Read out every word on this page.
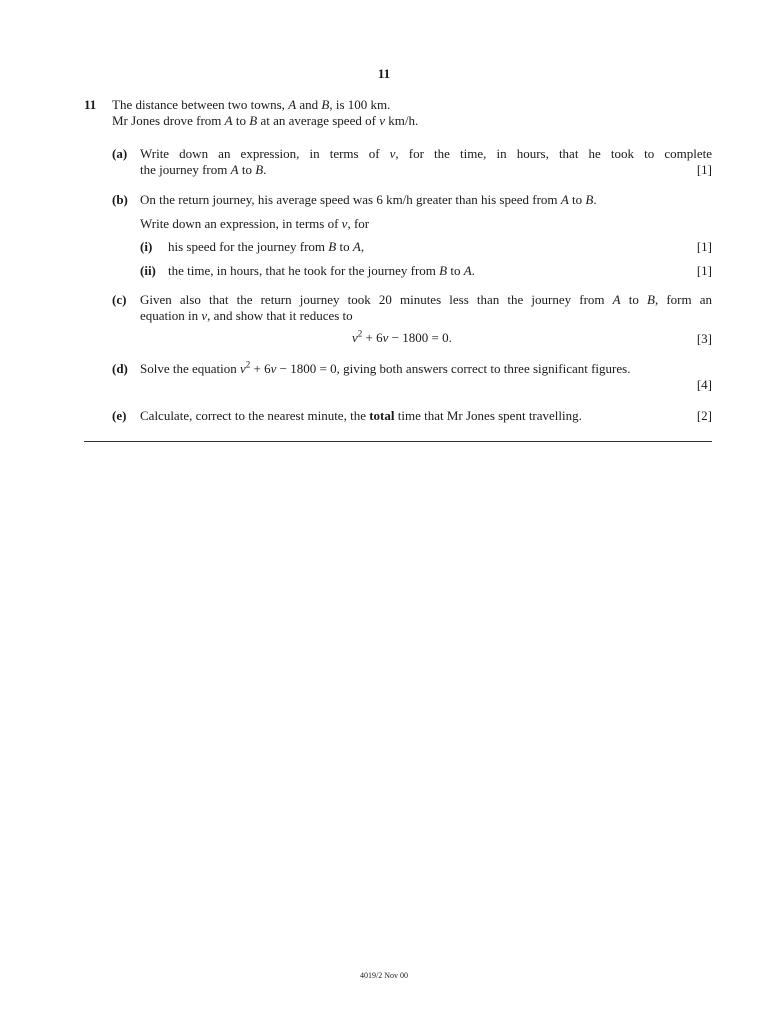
11
11 The distance between two towns, A and B, is 100 km.
Mr Jones drove from A to B at an average speed of v km/h.
(a) Write down an expression, in terms of v, for the time, in hours, that he took to complete
the journey from A to B.	[1]
(b) On the return journey, his average speed was 6 km/h greater than his speed from A to B.
Write down an expression, in terms of v, for
(i) his speed for the journey from B to A,	[1]
(ii) the time, in hours, that he took for the journey from B to A.	[1]
(c) Given also that the return journey took 20 minutes less than the journey from A to B, form an
equation in v, and show that it reduces to
$v^2 + 6v - 1800 = 0$.	[3]
(d) Solve the equation $v^2 + 6v - 1800 = 0$, giving both answers correct to three significant figures.
[4]
(e) Calculate, correct to the nearest minute, the total time that Mr Jones spent travelling.	[2]
4019/2 Nov 00
